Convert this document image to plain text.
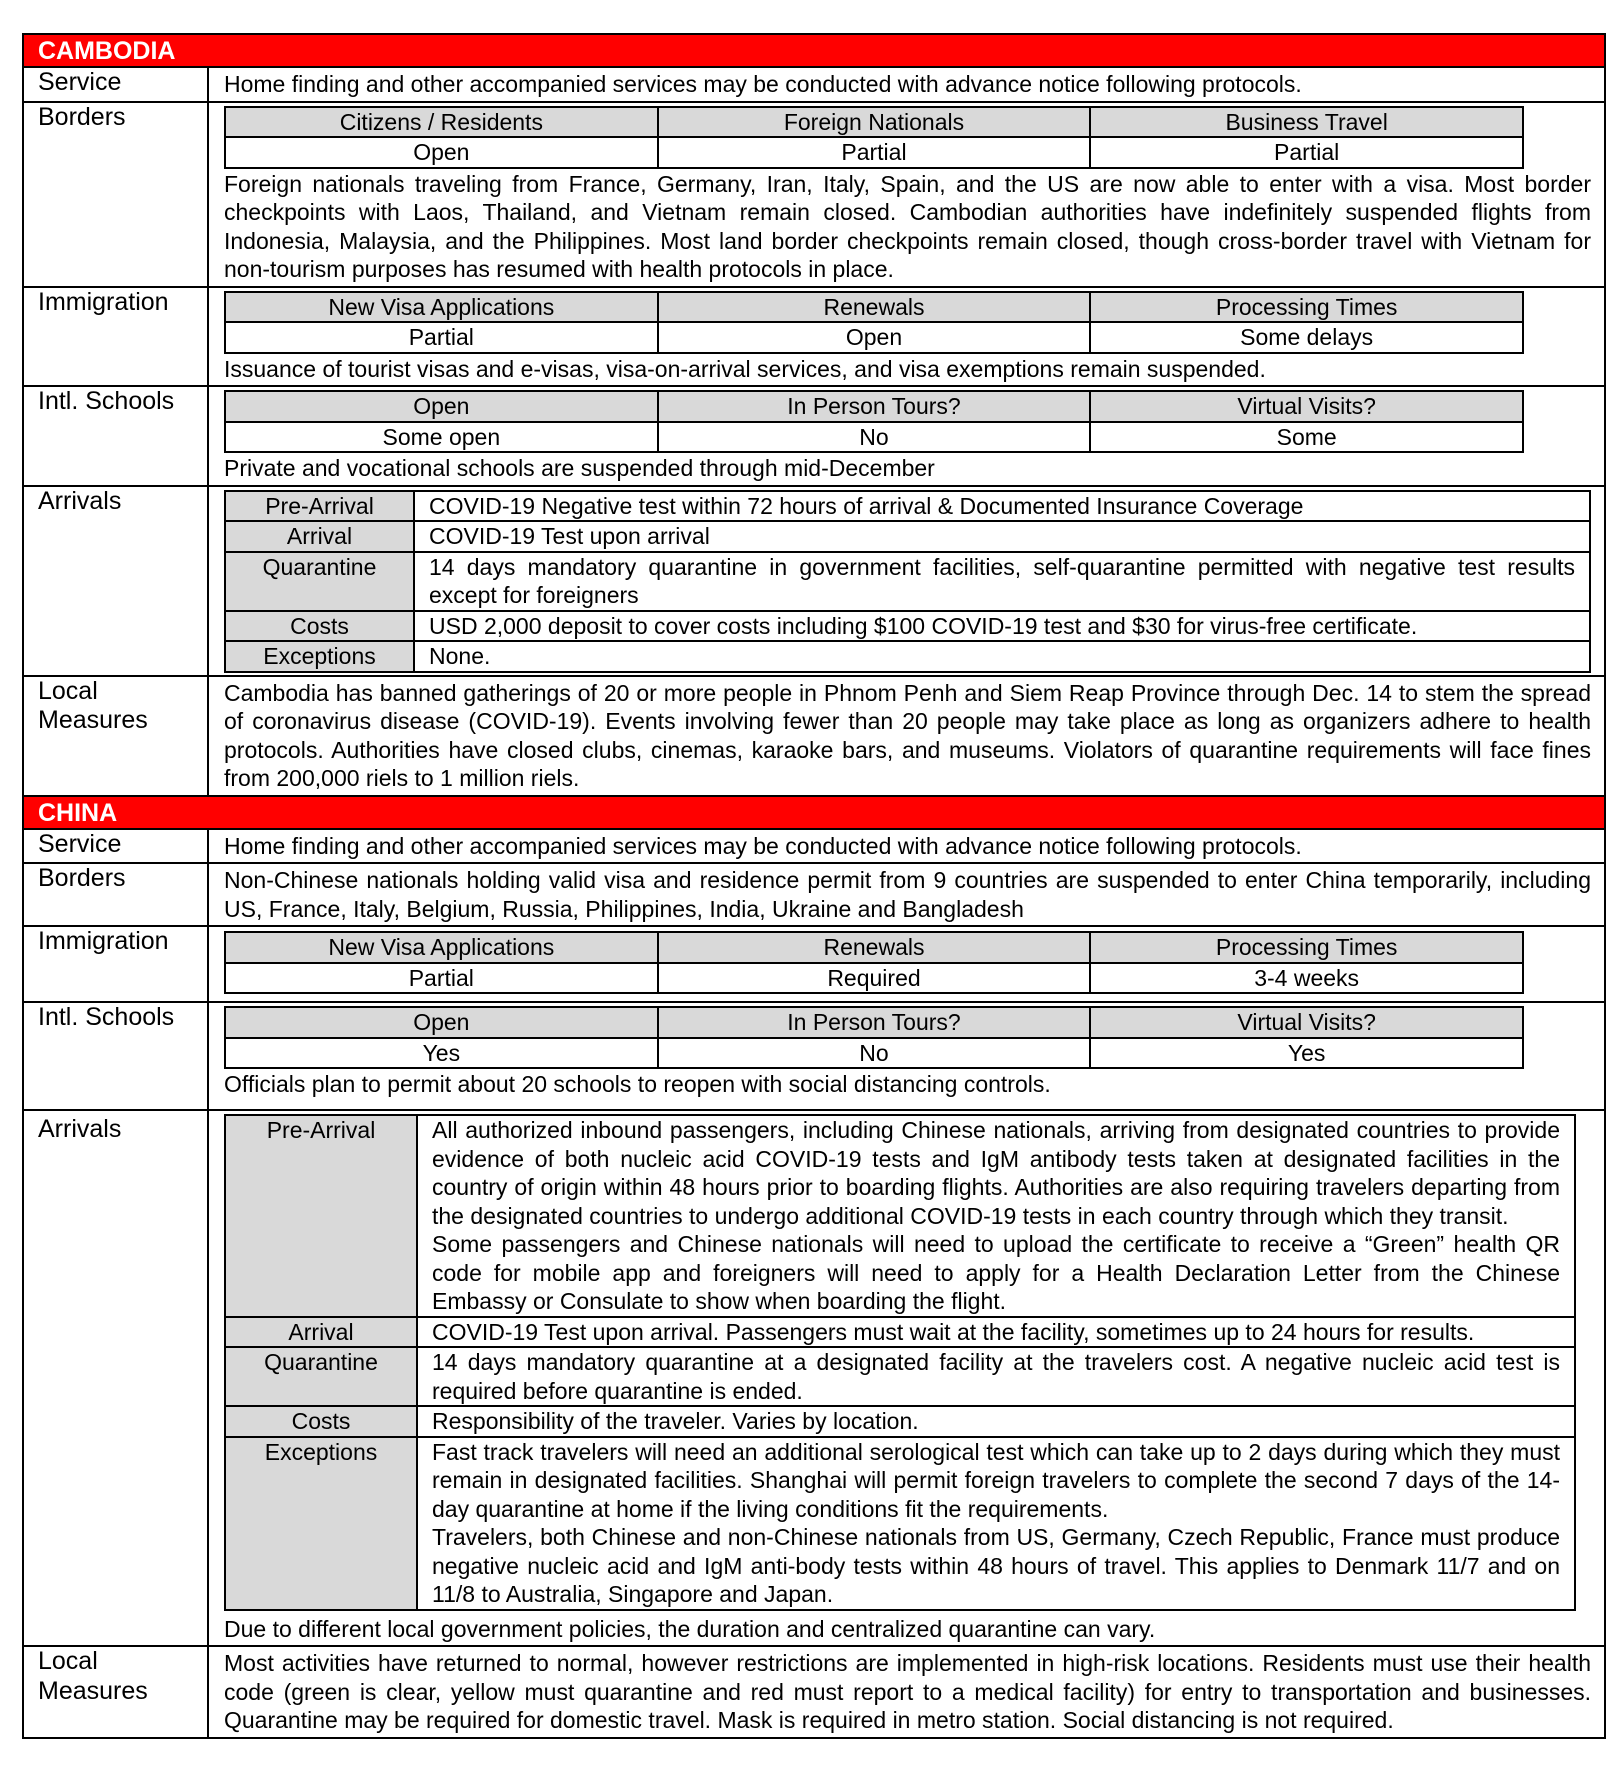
CAMBODIA
Service	Home finding and other accompanied services may be conducted with advance notice following protocols.
Borders	Citizens / Residents	Foreign Nationals	Business Travel
Open	Partial	Partial
Foreign nationals traveling from France, Germany, Iran, Italy, Spain, and the US are now able to enter with a visa. Most border checkpoints with Laos, Thailand, and Vietnam remain closed. Cambodian authorities have indefinitely suspended flights from Indonesia, Malaysia, and the Philippines. Most land border checkpoints remain closed, though cross-border travel with Vietnam for non-tourism purposes has resumed with health protocols in place.
Immigration	New Visa Applications	Renewals	Processing Times
Partial	Open	Some delays
Issuance of tourist visas and e-visas, visa-on-arrival services, and visa exemptions remain suspended.
Intl. Schools	Open	In Person Tours?	Virtual Visits?
Some open	No	Some
Private and vocational schools are suspended through mid-December
Arrivals	Pre-Arrival	COVID-19 Negative test within 72 hours of arrival & Documented Insurance Coverage
Arrival	COVID-19 Test upon arrival
Quarantine	14 days mandatory quarantine in government facilities, self-quarantine permitted with negative test results except for foreigners
Costs	USD 2,000 deposit to cover costs including $100 COVID-19 test and $30 for virus-free certificate.
Exceptions	None.
Local Measures
Cambodia has banned gatherings of 20 or more people in Phnom Penh and Siem Reap Province through Dec. 14 to stem the spread of coronavirus disease (COVID-19). Events involving fewer than 20 people may take place as long as organizers adhere to health protocols. Authorities have closed clubs, cinemas, karaoke bars, and museums. Violators of quarantine requirements will face fines from 200,000 riels to 1 million riels.
CHINA
Service	Home finding and other accompanied services may be conducted with advance notice following protocols.
Borders	Non-Chinese nationals holding valid visa and residence permit from 9 countries are suspended to enter China temporarily, including US, France, Italy, Belgium, Russia, Philippines, India, Ukraine and Bangladesh
Immigration	New Visa Applications	Renewals	Processing Times
Partial	Required	3-4 weeks
Intl. Schools	Open	In Person Tours?	Virtual Visits?
Yes	No	Yes
Officials plan to permit about 20 schools to reopen with social distancing controls.
Arrivals	Pre-Arrival	All authorized inbound passengers, including Chinese nationals, arriving from designated countries to provide evidence of both nucleic acid COVID-19 tests and IgM antibody tests taken at designated facilities in the country of origin within 48 hours prior to boarding flights. Authorities are also requiring travelers departing from the designated countries to undergo additional COVID-19 tests in each country through which they transit.
Some passengers and Chinese nationals will need to upload the certificate to receive a “Green” health QR code for mobile app and foreigners will need to apply for a Health Declaration Letter from the Chinese Embassy or Consulate to show when boarding the flight.

Arrival	COVID-19 Test upon arrival. Passengers must wait at the facility, sometimes up to 24 hours for results.
Quarantine	14 days mandatory quarantine at a designated facility at the travelers cost. A negative nucleic acid test is required before quarantine is ended.
Costs	Responsibility of the traveler. Varies by location.
Exceptions	Fast track travelers will need an additional serological test which can take up to 2 days during which they must remain in designated facilities. Shanghai will permit foreign travelers to complete the second 7 days of the 14-day quarantine at home if the living conditions fit the requirements.
Travelers, both Chinese and non-Chinese nationals from US, Germany, Czech Republic, France must produce negative nucleic acid and IgM anti-body tests within 48 hours of travel. This applies to Denmark 11/7 and on 11/8 to Australia, Singapore and Japan.
Due to different local government policies, the duration and centralized quarantine can vary.
Local Measures
Most activities have returned to normal, however restrictions are implemented in high-risk locations. Residents must use their health code (green is clear, yellow must quarantine and red must report to a medical facility) for entry to transportation and businesses. Quarantine may be required for domestic travel. Mask is required in metro station. Social distancing is not required.
